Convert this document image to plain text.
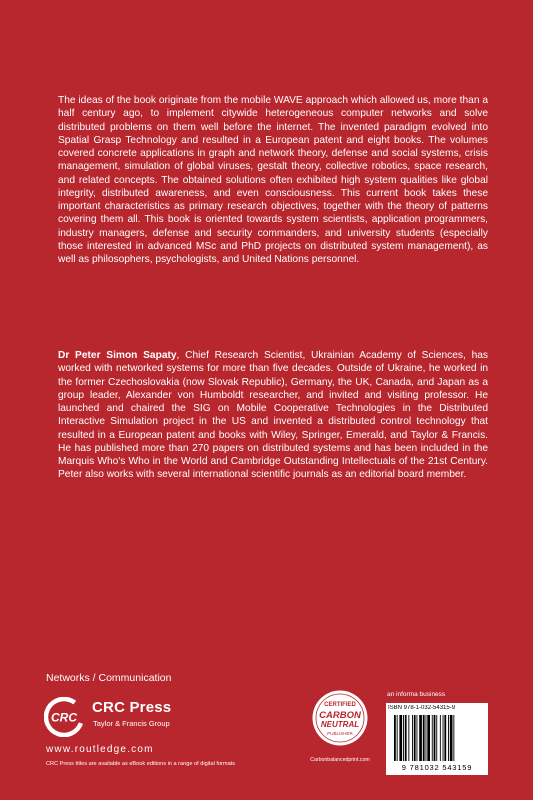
The ideas of the book originate from the mobile WAVE approach which allowed us, more than a half century ago, to implement citywide heterogeneous computer networks and solve distributed problems on them well before the internet. The invented paradigm evolved into Spatial Grasp Technology and resulted in a European patent and eight books. The volumes covered concrete applications in graph and network theory, defense and social systems, crisis management, simulation of global viruses, gestalt theory, collective robotics, space research, and related concepts. The obtained solutions often exhibited high system qualities like global integrity, distributed awareness, and even consciousness. This current book takes these important characteristics as primary research objectives, together with the theory of patterns covering them all. This book is oriented towards system scientists, application programmers, industry managers, defense and security commanders, and university students (especially those interested in advanced MSc and PhD projects on distributed system management), as well as philosophers, psychologists, and United Nations personnel.

Dr Peter Simon Sapaty, Chief Research Scientist, Ukrainian Academy of Sciences, has worked with networked systems for more than five decades. Outside of Ukraine, he worked in the former Czechoslovakia (now Slovak Republic), Germany, the UK, Canada, and Japan as a group leader, Alexander von Humboldt researcher, and invited and visiting professor. He launched and chaired the SIG on Mobile Cooperative Technologies in the Distributed Interactive Simulation project in the US and invented a distributed control technology that resulted in a European patent and books with Wiley, Springer, Emerald, and Taylor & Francis. He has published more than 270 papers on distributed systems and has been included in the Marquis Who's Who in the World and Cambridge Outstanding Intellectuals of the 21st Century. Peter also works with several international scientific journals as an editorial board member.

Networks / Communication
CRC
CRC Press
Taylor & Francis Group
www.routledge.com
CRC Press titles are available as eBook editions in a range of digital formats
CERTIFIED
CARBON
NEUTRAL
PUBLISHER
Carbonbalancedprint.com
an informa business
ISBN 978-1-032-54315-9
9 781032 543159
